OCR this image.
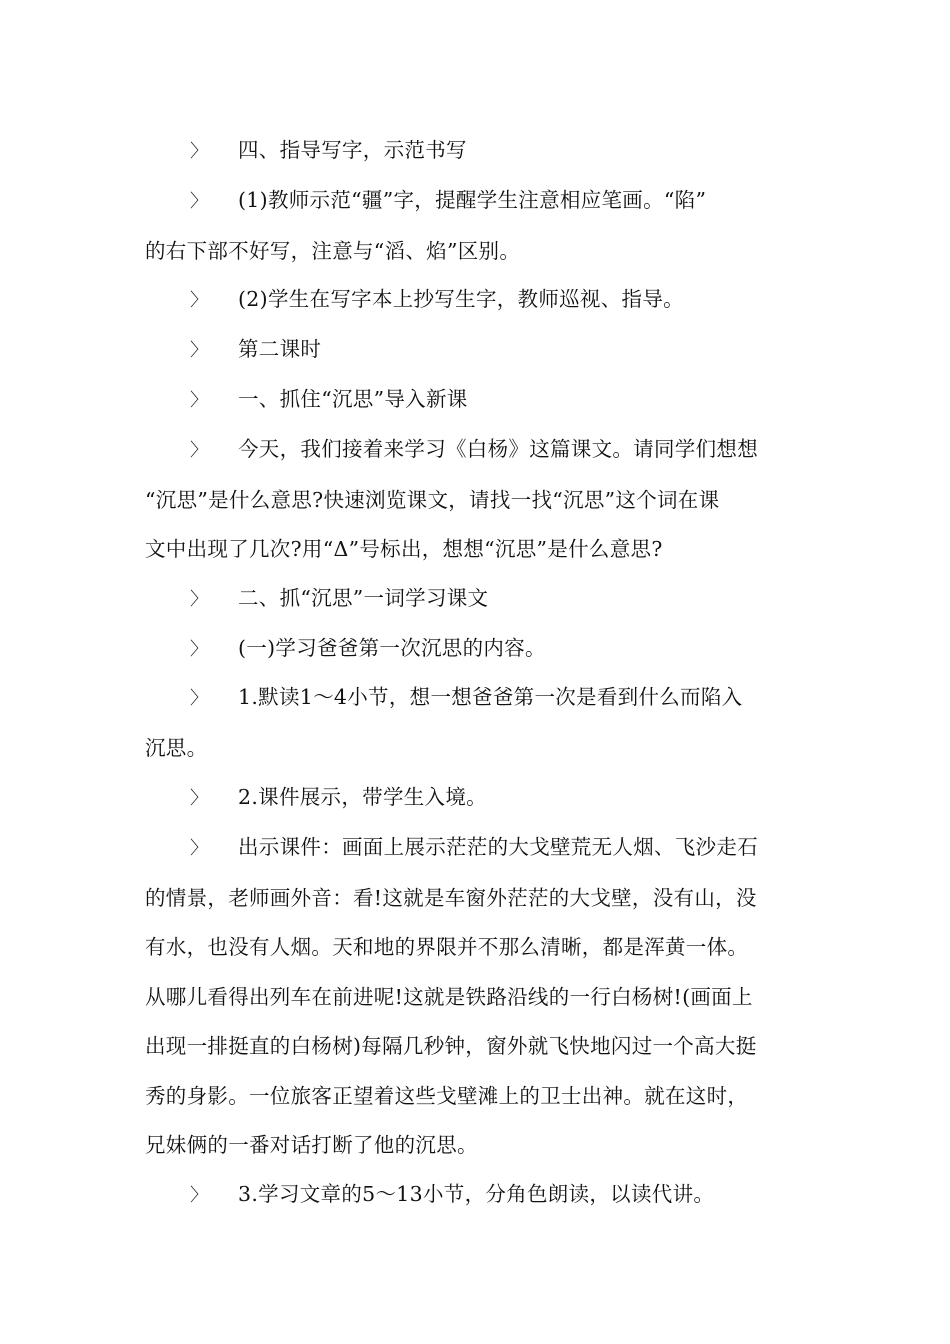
〉 四、指导写字，示范书写
〉 (1)教师示范“疆”字，提醒学生注意相应笔画。“陷”
的右下部不好写，注意与“滔、焰”区别。
〉 (2)学生在写字本上抄写生字，教师巡视、指导。
〉 第二课时
〉 一、抓住“沉思”导入新课
〉 今天，我们接着来学习《白杨》这篇课文。请同学们想想
“沉思”是什么意思?快速浏览课文，请找一找“沉思”这个词在课
文中出现了几次?用“Δ”号标出，想想“沉思”是什么意思?
〉 二、抓“沉思”一词学习课文
〉 (一)学习爸爸第一次沉思的内容。
〉 1.默读1～4小节，想一想爸爸第一次是看到什么而陷入
沉思。
〉 2.课件展示，带学生入境。
〉 出示课件：画面上展示茫茫的大戈壁荒无人烟、飞沙走石
的情景，老师画外音：看!这就是车窗外茫茫的大戈壁，没有山，没
有水，也没有人烟。天和地的界限并不那么清晰，都是浑黄一体。
从哪儿看得出列车在前进呢!这就是铁路沿线的一行白杨树!(画面上
出现一排挺直的白杨树)每隔几秒钟，窗外就飞快地闪过一个高大挺
秀的身影。一位旅客正望着这些戈壁滩上的卫士出神。就在这时，
兄妹俩的一番对话打断了他的沉思。
〉 3.学习文章的5～13小节，分角色朗读，以读代讲。
